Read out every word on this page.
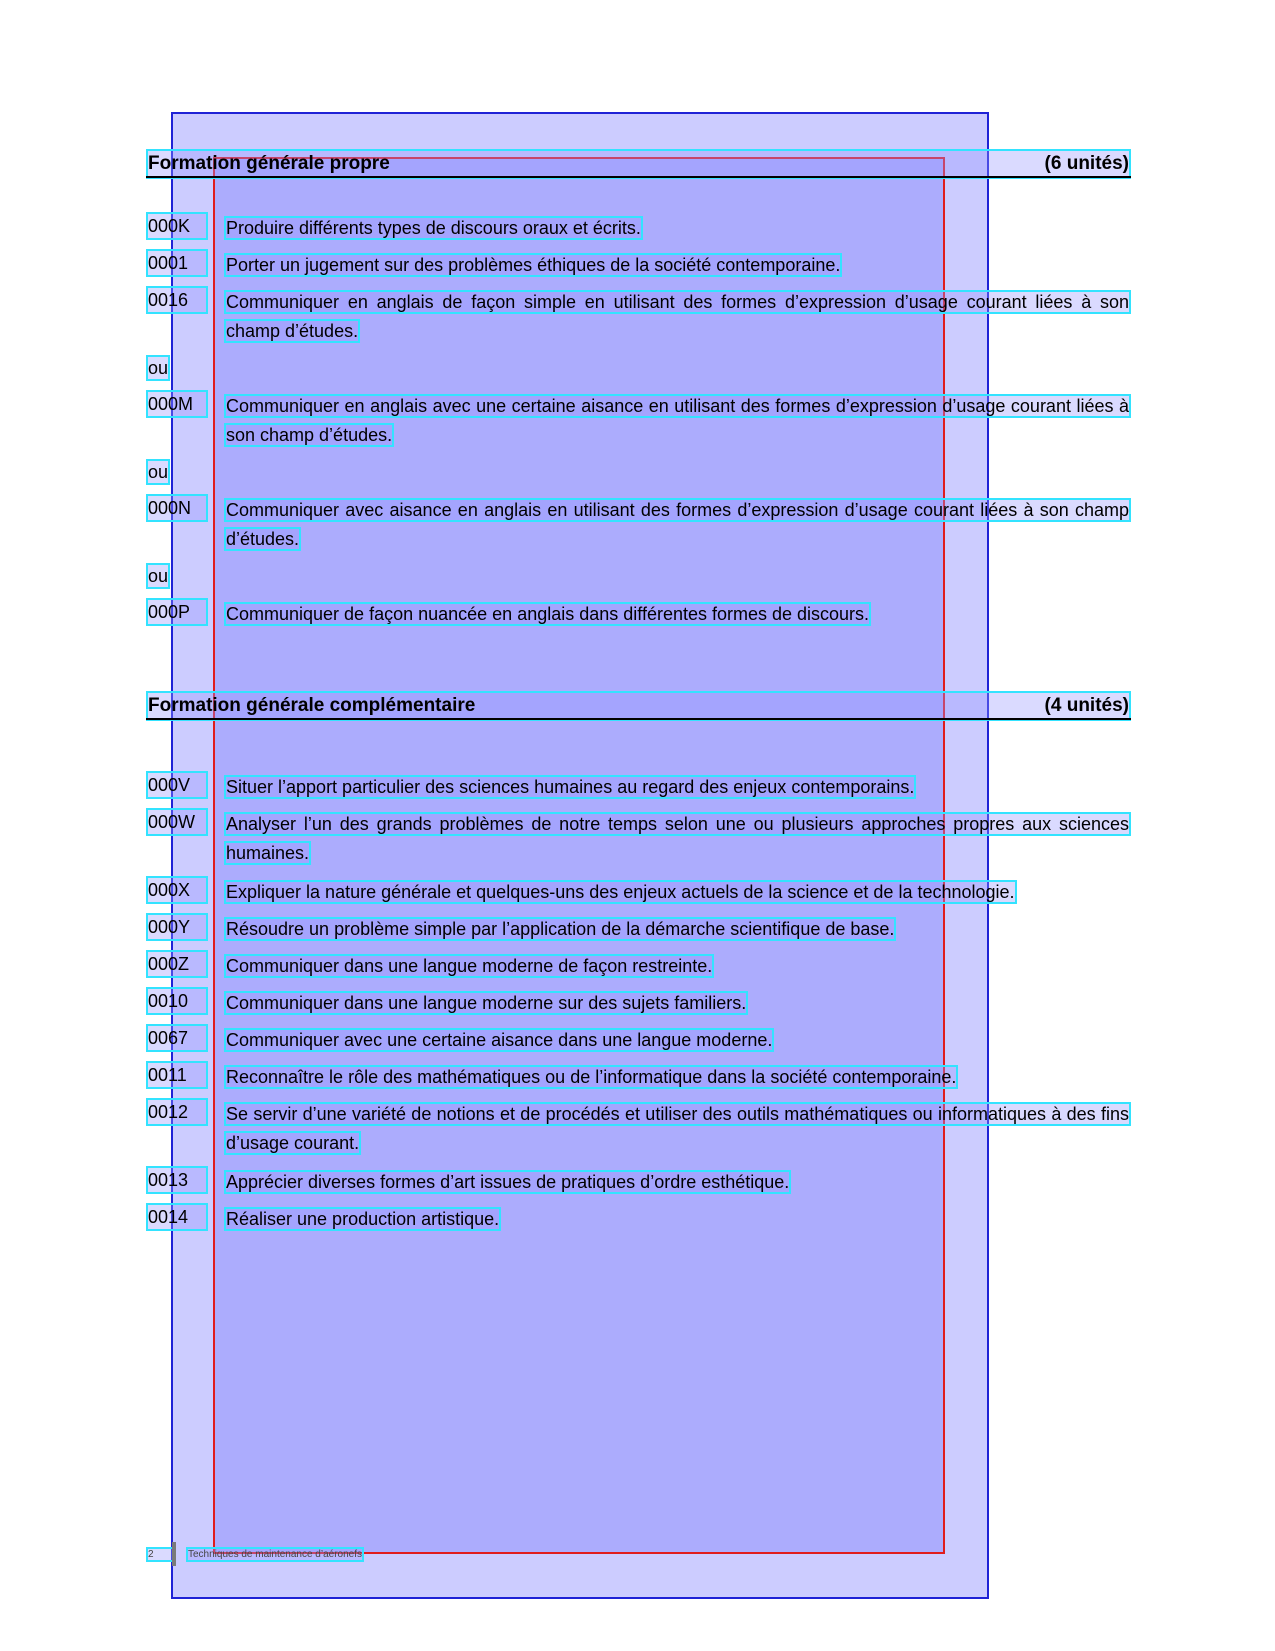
Formation générale propre	(6 unités)
000K	Produire différents types de discours oraux et écrits.
0001	Porter un jugement sur des problèmes éthiques de la société contemporaine.
0016	Communiquer en anglais de façon simple en utilisant des formes d’expression d’usage courant liées à son champ d’études.
ou
000M	Communiquer en anglais avec une certaine aisance en utilisant des formes d’expression d’usage courant liées à son champ d’études.
ou
000N	Communiquer avec aisance en anglais en utilisant des formes d’expression d’usage courant liées à son champ d’études.
ou
000P	Communiquer de façon nuancée en anglais dans différentes formes de discours.
Formation générale complémentaire	(4 unités)
000V	Situer l’apport particulier des sciences humaines au regard des enjeux contemporains.
000W	Analyser l’un des grands problèmes de notre temps selon une ou plusieurs approches propres aux sciences humaines.
000X	Expliquer la nature générale et quelques-uns des enjeux actuels de la science et de la technologie.
000Y	Résoudre un problème simple par l’application de la démarche scientifique de base.
000Z	Communiquer dans une langue moderne de façon restreinte.
0010	Communiquer dans une langue moderne sur des sujets familiers.
0067	Communiquer avec une certaine aisance dans une langue moderne.
0011	Reconnaître le rôle des mathématiques ou de l’informatique dans la société contemporaine.
0012	Se servir d’une variété de notions et de procédés et utiliser des outils mathématiques ou informatiques à des fins d’usage courant.
0013	Apprécier diverses formes d’art issues de pratiques d’ordre esthétique.
0014	Réaliser une production artistique.
2	Techniques de maintenance d’aéronefs
